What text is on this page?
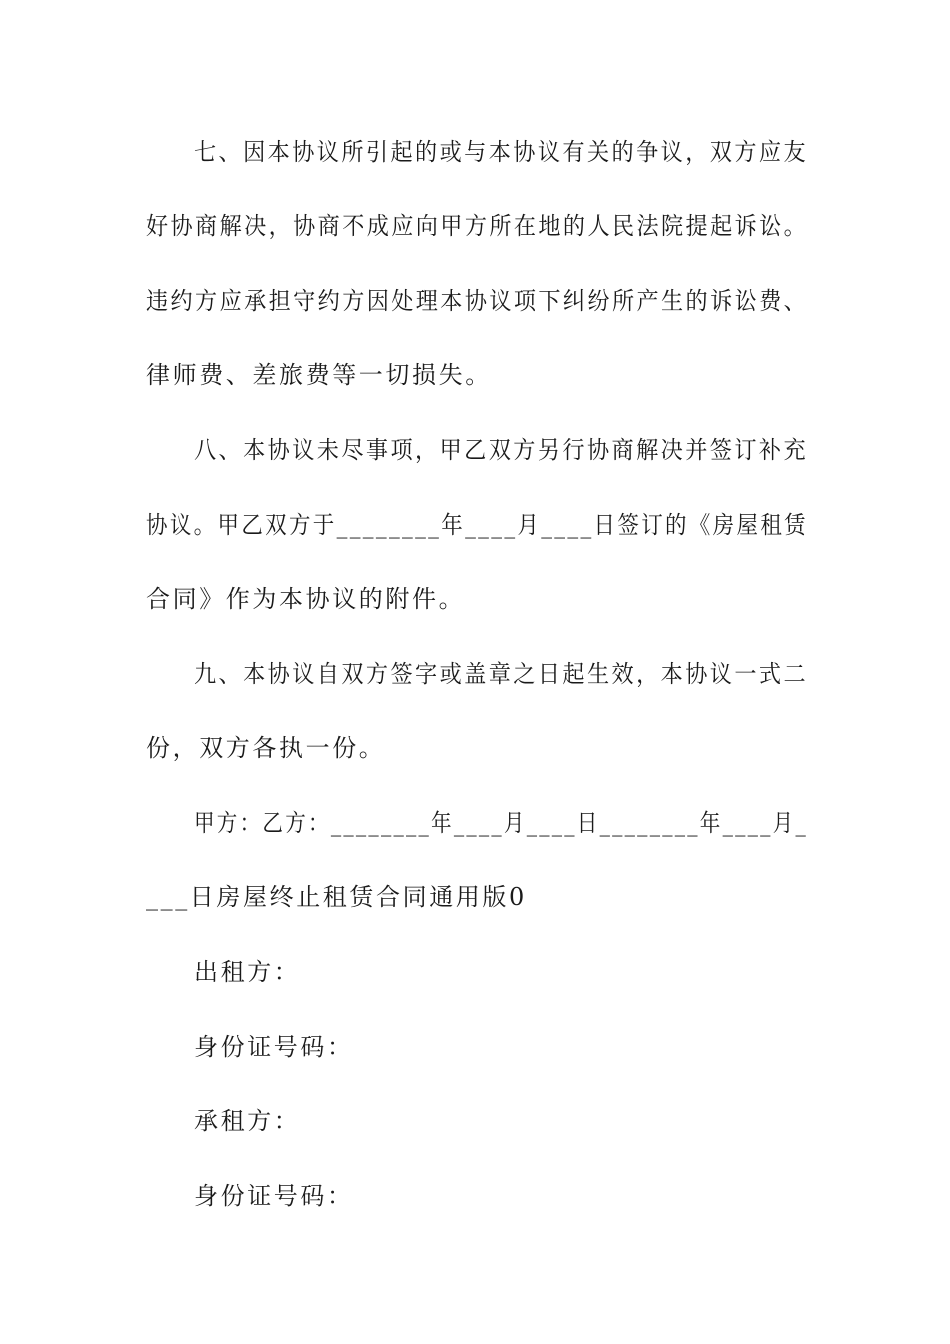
七、因本协议所引起的或与本协议有关的争议，双方应友
好协商解决，协商不成应向甲方所在地的人民法院提起诉讼。
违约方应承担守约方因处理本协议项下纠纷所产生的诉讼费、
律师费、差旅费等一切损失。
八、本协议未尽事项，甲乙双方另行协商解决并签订补充
协议。甲乙双方于________年____月____日签订的《房屋租赁
合同》作为本协议的附件。
九、本协议自双方签字或盖章之日起生效，本协议一式二
份，双方各执一份。
甲方：乙方：________年____月____日________年____月_
___日房屋终止租赁合同通用版0
出租方：
身份证号码：
承租方：
身份证号码：
